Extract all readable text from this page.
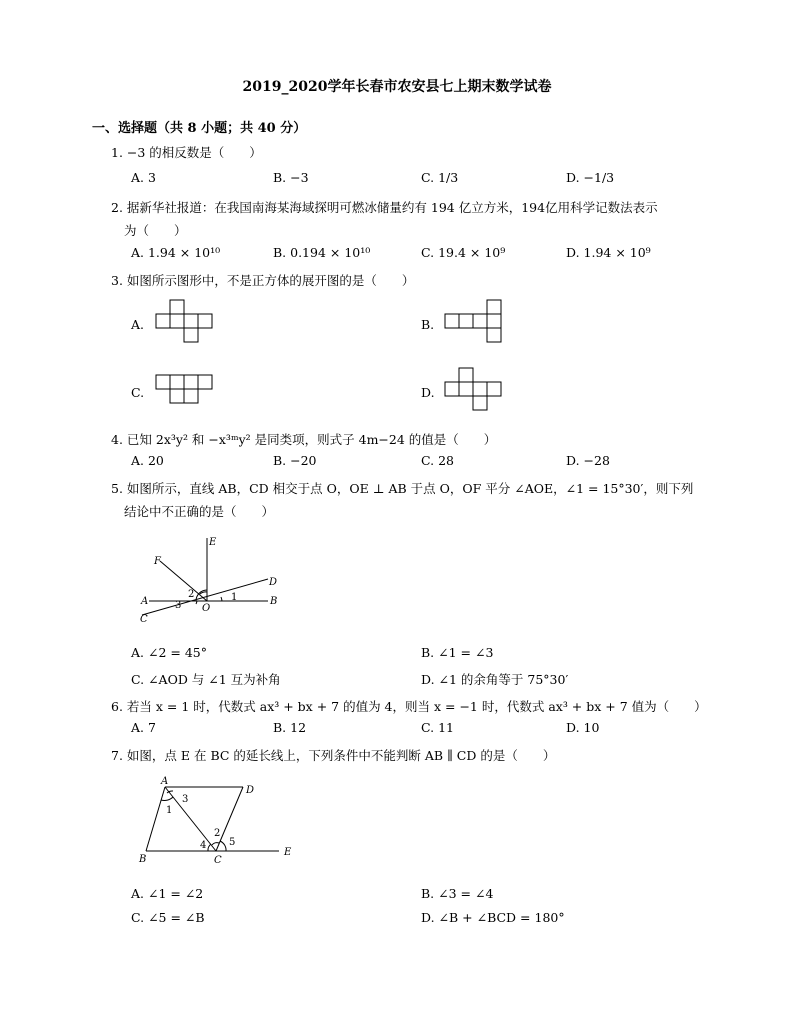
2019_2020学年长春市农安县七上期末数学试卷
一、选择题（共 8 小题；共 40 分）
1. −3 的相反数是（　　）
A. 3	B. −3	C. 1/3	D. −1/3
2. 据新华社报道：在我国南海某海域探明可燃冰储量约有 194 亿立方米，194亿用科学记数法表示
为（　　）
A. 1.94 × 10¹⁰	B. 0.194 × 10¹⁰	C. 19.4 × 10⁹	D. 1.94 × 10⁹
3. 如图所示图形中，不是正方体的展开图的是（　　）
A.	B.
C.	D.
4. 已知 2x³y² 和 −x³ᵐy² 是同类项，则式子 4m−24 的值是（　　）
A. 20	B. −20	C. 28	D. −28
5. 如图所示，直线 AB，CD 相交于点 O，OE ⊥ AB 于点 O，OF 平分 ∠AOE，∠1 = 15°30′，则下列
结论中不正确的是（　　）
E
F
D
A	B
C
O
1
2
3
A. ∠2 = 45°	B. ∠1 = ∠3
C. ∠AOD 与 ∠1 互为补角	D. ∠1 的余角等于 75°30′
6. 若当 x = 1 时，代数式 ax³ + bx + 7 的值为 4，则当 x = −1 时，代数式 ax³ + bx + 7 值为（　　）
A. 7	B. 12	C. 11	D. 10
7. 如图，点 E 在 BC 的延长线上，下列条件中不能判断 AB ∥ CD 的是（　　）
A
D
B	C
E
1
2
3
4 5
A. ∠1 = ∠2	B. ∠3 = ∠4
C. ∠5 = ∠B	D. ∠B + ∠BCD = 180°
